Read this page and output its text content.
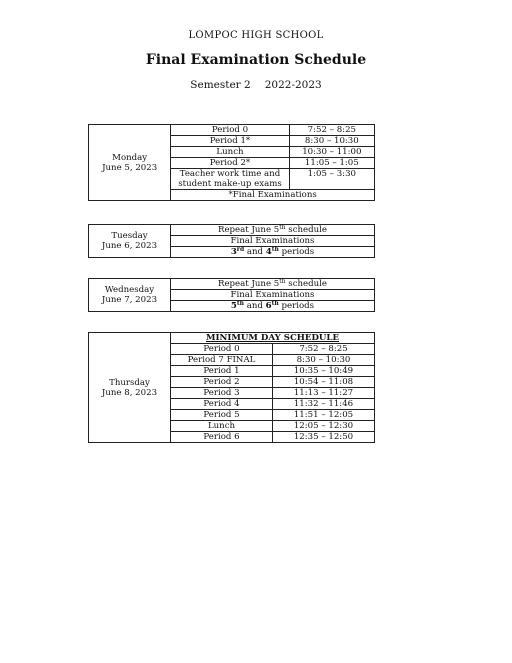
LOMPOC HIGH SCHOOL
Final Examination Schedule
Semester 2 2022-2023
Monday
June 5, 2023	Period 0	7:52 – 8:25
	Period 1*	8:30 – 10:30
	Lunch	10:30 – 11:00
	Period 2*	11:05 – 1:05

	Teacher work time and
student make-up exams	1:05 – 3:30
	*Final Examinations	
Tuesday
June 6, 2023
	Repeat June 5th schedule
Final Examinations
3rd and 4th periods
Wednesday
June 7, 2023
	Repeat June 5th schedule
Final Examinations
5th and 6th periods
Thursday
June 8, 2023	MINIMUM DAY SCHEDULE	
	Period 0	7:52 – 8:25
	Period 7 FINAL	8:30 – 10:30
	Period 1	10:35 – 10:49
	Period 2	10:54 – 11:08
	Period 3	11:13 – 11:27
	Period 4	11:32 – 11:46
	Period 5	11:51 – 12:05
	Lunch	12:05 – 12:30
	Period 6	12:35 – 12:50
